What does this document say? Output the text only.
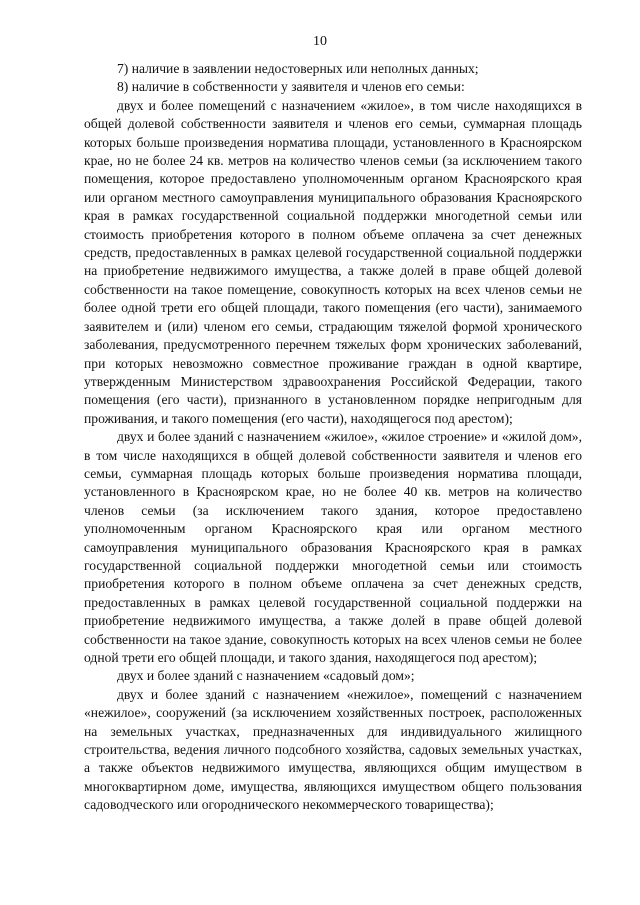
10

7) наличие в заявлении недостоверных или неполных данных;

8) наличие в собственности у заявителя и членов его семьи:

двух и более помещений с назначением «жилое», в том числе находящихся в общей долевой собственности заявителя и членов его семьи, суммарная площадь которых больше произведения норматива площади, установленного в Красноярском крае, но не более 24 кв. метров на количество членов семьи (за исключением такого помещения, которое предоставлено уполномоченным органом Красноярского края или органом местного самоуправления муниципального образования Красноярского края в рамках государственной социальной поддержки многодетной семьи или стоимость приобретения которого в полном объеме оплачена за счет денежных средств, предоставленных в рамках целевой государственной социальной поддержки на приобретение недвижимого имущества, а также долей в праве общей долевой собственности на такое помещение, совокупность которых на всех членов семьи не более одной трети его общей площади, такого помещения (его части), занимаемого заявителем и (или) членом его семьи, страдающим тяжелой формой хронического заболевания, предусмотренного перечнем тяжелых форм хронических заболеваний, при которых невозможно совместное проживание граждан в одной квартире, утвержденным Министерством здравоохранения Российской Федерации, такого помещения (его части), признанного в установленном порядке непригодным для проживания, и такого помещения (его части), находящегося под арестом);

двух и более зданий с назначением «жилое», «жилое строение» и «жилой дом», в том числе находящихся в общей долевой собственности заявителя и членов его семьи, суммарная площадь которых больше произведения норматива площади, установленного в Красноярском крае, но не более 40 кв. метров на количество членов семьи (за исключением такого здания, которое предоставлено уполномоченным органом Красноярского края или органом местного самоуправления муниципального образования Красноярского края в рамках государственной социальной поддержки многодетной семьи или стоимость приобретения которого в полном объеме оплачена за счет денежных средств, предоставленных в рамках целевой государственной социальной поддержки на приобретение недвижимого имущества, а также долей в праве общей долевой собственности на такое здание, совокупность которых на всех членов семьи не более одной трети его общей площади, и такого здания, находящегося под арестом);

двух и более зданий с назначением «садовый дом»;

двух и более зданий с назначением «нежилое», помещений с назначением «нежилое», сооружений (за исключением хозяйственных построек, расположенных на земельных участках, предназначенных для индивидуального жилищного строительства, ведения личного подсобного хозяйства, садовых земельных участках, а также объектов недвижимого имущества, являющихся общим имуществом в многоквартирном доме, имущества, являющихся имуществом общего пользования садоводческого или огороднического некоммерческого товарищества);
